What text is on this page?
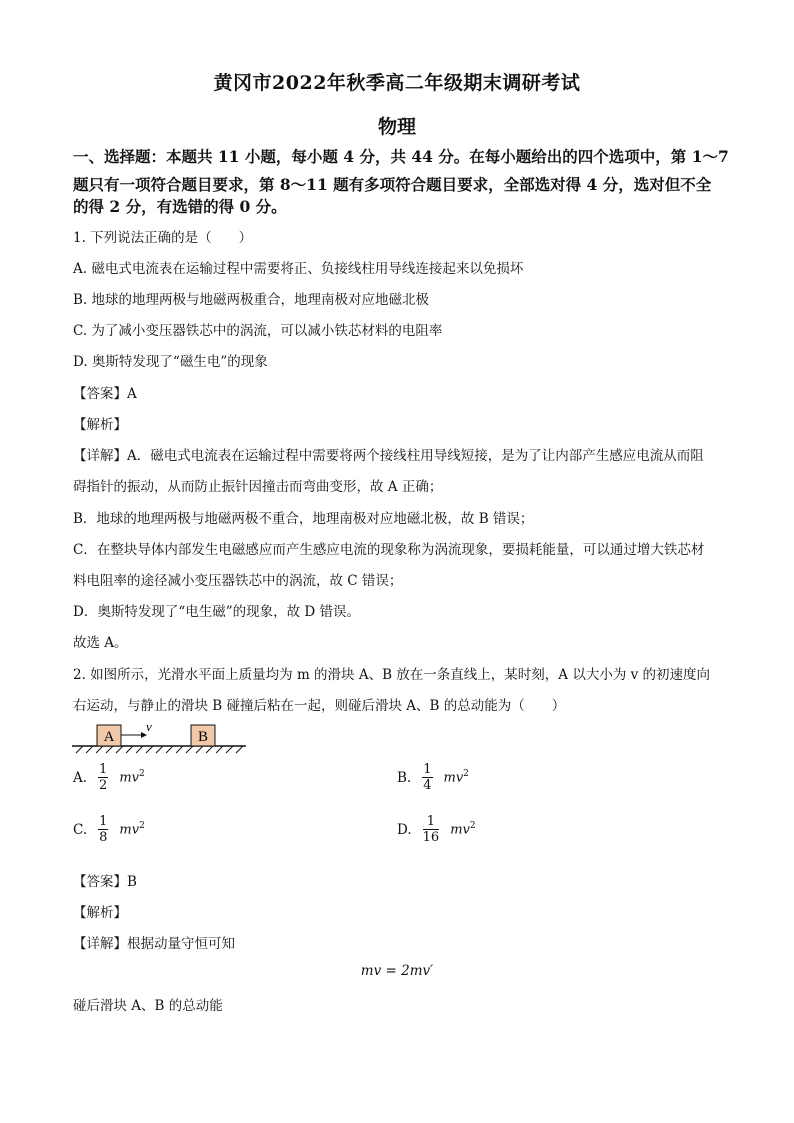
黄冈市2022年秋季高二年级期末调研考试
物理
一、选择题：本题共 11 小题，每小题 4 分，共 44 分。在每小题给出的四个选项中，第 1～7
题只有一项符合题目要求，第 8～11 题有多项符合题目要求，全部选对得 4 分，选对但不全
的得 2 分，有选错的得 0 分。
1. 下列说法正确的是（　　）
A. 磁电式电流表在运输过程中需要将正、负接线柱用导线连接起来以免损坏
B. 地球的地理两极与地磁两极重合，地理南极对应地磁北极
C. 为了减小变压器铁芯中的涡流，可以减小铁芯材料的电阻率
D. 奥斯特发现了“磁生电”的现象
【答案】A
【解析】
【详解】A．磁电式电流表在运输过程中需要将两个接线柱用导线短接，是为了让内部产生感应电流从而阻
碍指针的振动，从而防止振针因撞击而弯曲变形，故 A 正确；
B．地球的地理两极与地磁两极不重合，地理南极对应地磁北极，故 B 错误；
C．在整块导体内部发生电磁感应而产生感应电流的现象称为涡流现象，要损耗能量，可以通过增大铁芯材
料电阻率的途径减小变压器铁芯中的涡流，故 C 错误；
D．奥斯特发现了“电生磁”的现象，故 D 错误。
故选 A。
2. 如图所示，光滑水平面上质量均为 m 的滑块 A、B 放在一条直线上，某时刻，A 以大小为 v 的初速度向
右运动，与静止的滑块 B 碰撞后粘在一起，则碰后滑块 A、B 的总动能为（　　）
A
v
B
A. $\frac{1}{2} mv^2$	B. $\frac{1}{4} mv^2$
C. $\frac{1}{8} mv^2$	D. $\frac{1}{16} mv^2$
【答案】B
【解析】
【详解】根据动量守恒可知
mv = 2mv′
碰后滑块 A、B 的总动能
